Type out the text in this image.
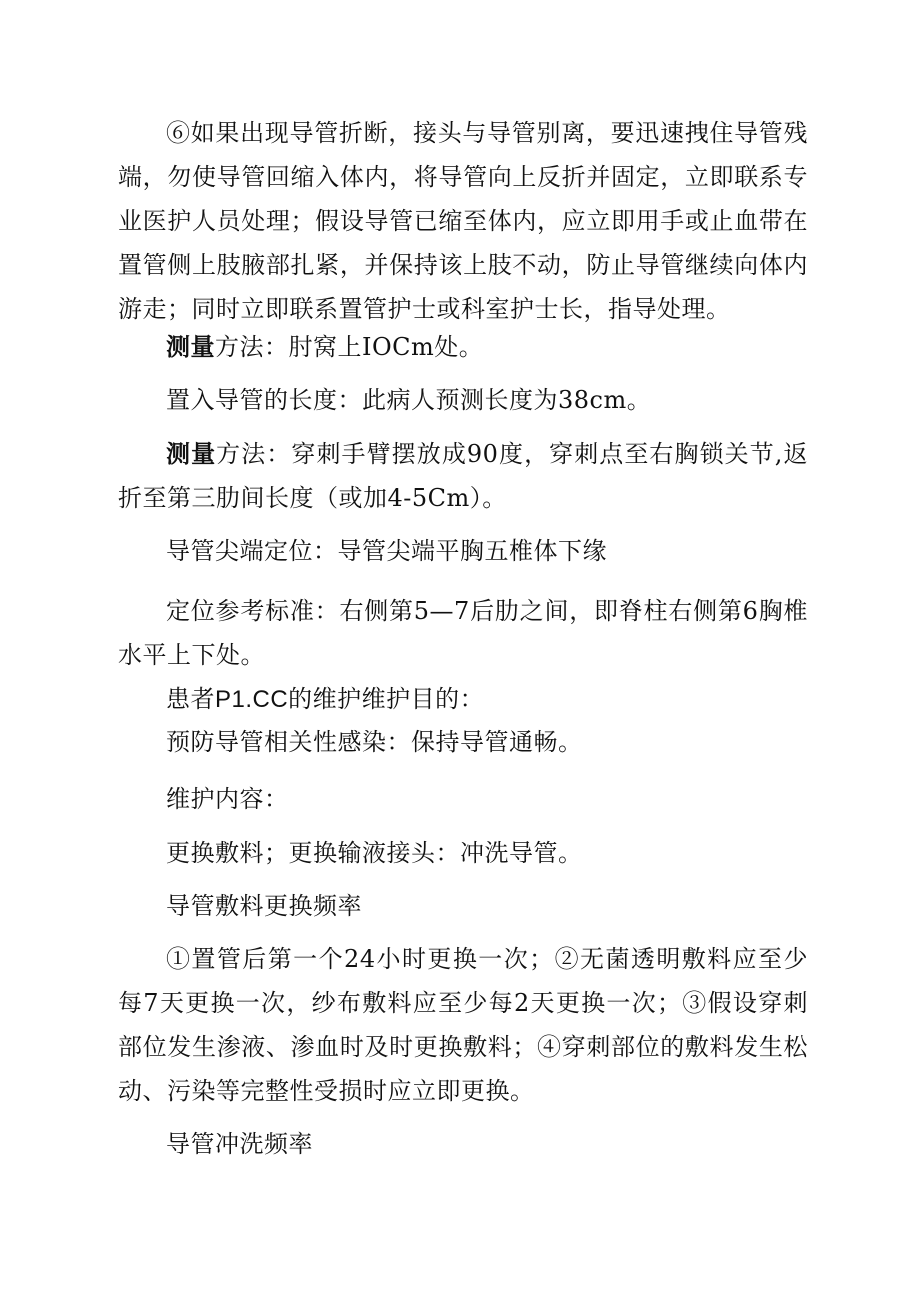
⑥如果出现导管折断，接头与导管别离，要迅速拽住导管残端，勿使导管回缩入体内，将导管向上反折并固定，立即联系专业医护人员处理；假设导管已缩至体内，应立即用手或止血带在置管侧上肢腋部扎紧，并保持该上肢不动，防止导管继续向体内游走；同时立即联系置管护士或科室护士长，指导处理。

测量方法：肘窝上IOCm处。

置入导管的长度：此病人预测长度为38cm。

测量方法：穿刺手臂摆放成90度，穿刺点至右胸锁关节,返折至第三肋间长度（或加4-5Cm）。

导管尖端定位：导管尖端平胸五椎体下缘

定位参考标准：右侧第5—7后肋之间，即脊柱右侧第6胸椎水平上下处。

患者P1.CC的维护维护目的：

预防导管相关性感染：保持导管通畅。

维护内容：

更换敷料；更换输液接头：冲洗导管。

导管敷料更换频率

①置管后第一个24小时更换一次；②无菌透明敷料应至少每7天更换一次，纱布敷料应至少每2天更换一次；③假设穿刺部位发生渗液、渗血时及时更换敷料；④穿刺部位的敷料发生松动、污染等完整性受损时应立即更换。

导管冲洗频率
